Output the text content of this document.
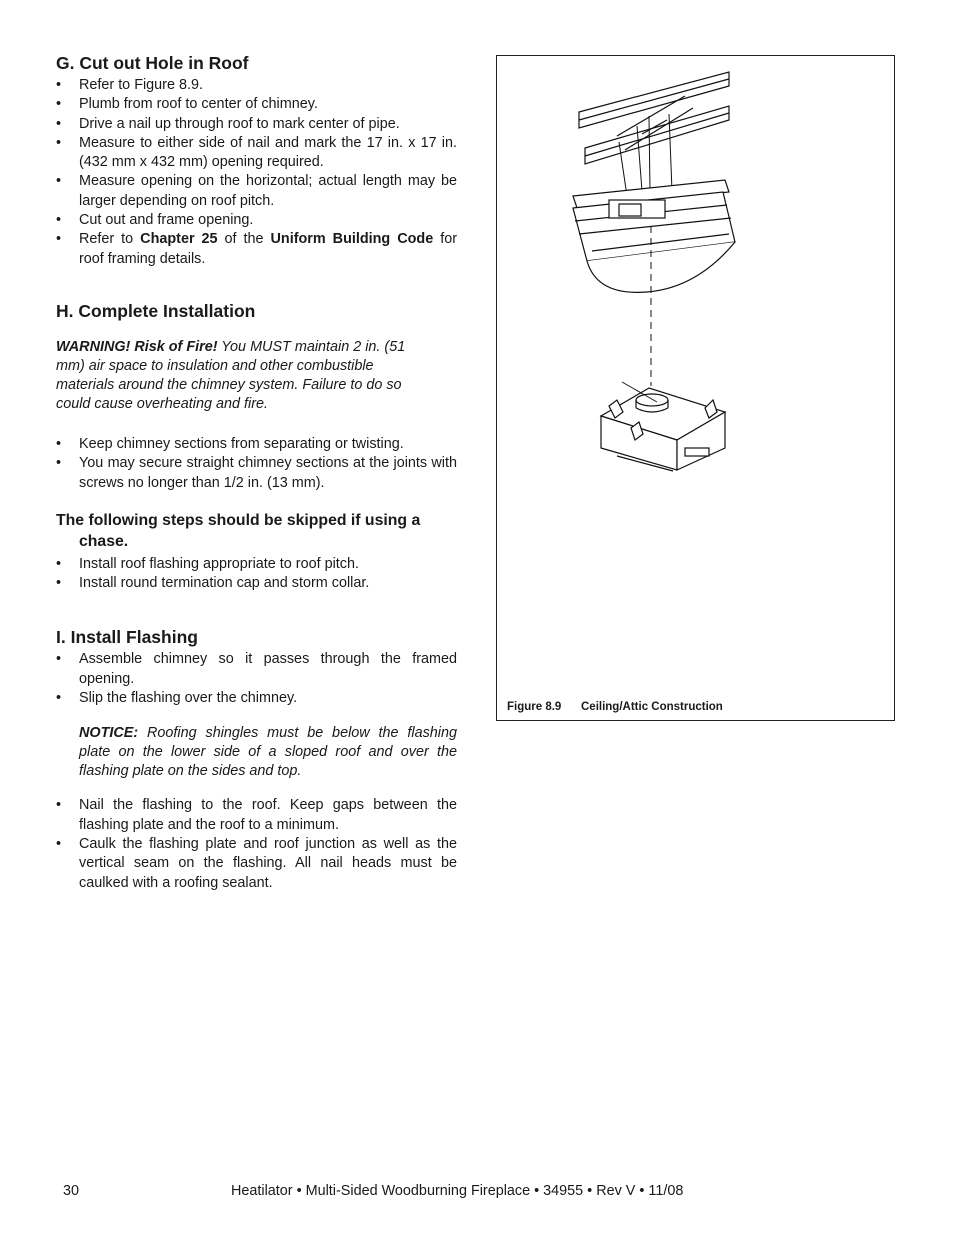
G. Cut out Hole in Roof
• Refer to Figure 8.9.
• Plumb from roof to center of chimney.
• Drive a nail up through roof to mark center of pipe.
• Measure to either side of nail and mark the 17 in. x 17 in. (432 mm x 432 mm) opening required.
• Measure opening on the horizontal; actual length may be larger depending on roof pitch.
• Cut out and frame opening.
• Refer to Chapter 25 of the Uniform Building Code for roof framing details.
H. Complete Installation

WARNING! Risk of Fire! You MUST maintain 2 in. (51 mm) air space to insulation and other combustible materials around the chimney system. Failure to do so could cause overheating and fire.

• Keep chimney sections from separating or twisting.
• You may secure straight chimney sections at the joints with screws no longer than 1/2 in. (13 mm).
The following steps should be skipped if using a chase.
• Install roof flashing appropriate to roof pitch.
• Install round termination cap and storm collar.
I. Install Flashing
• Assemble chimney so it passes through the framed opening.
• Slip the flashing over the chimney.

NOTICE: Roofing shingles must be below the flashing plate on the lower side of a sloped roof and over the flashing plate on the sides and top.

• Nail the flashing to the roof. Keep gaps between the flashing plate and the roof to a minimum.
• Caulk the flashing plate and roof junction as well as the vertical seam on the flashing. All nail heads must be caulked with a roofing sealant.
Figure 8.9 Ceiling/Attic Construction
30	Heatilator • Multi-Sided Woodburning Fireplace • 34955 • Rev V • 11/08
